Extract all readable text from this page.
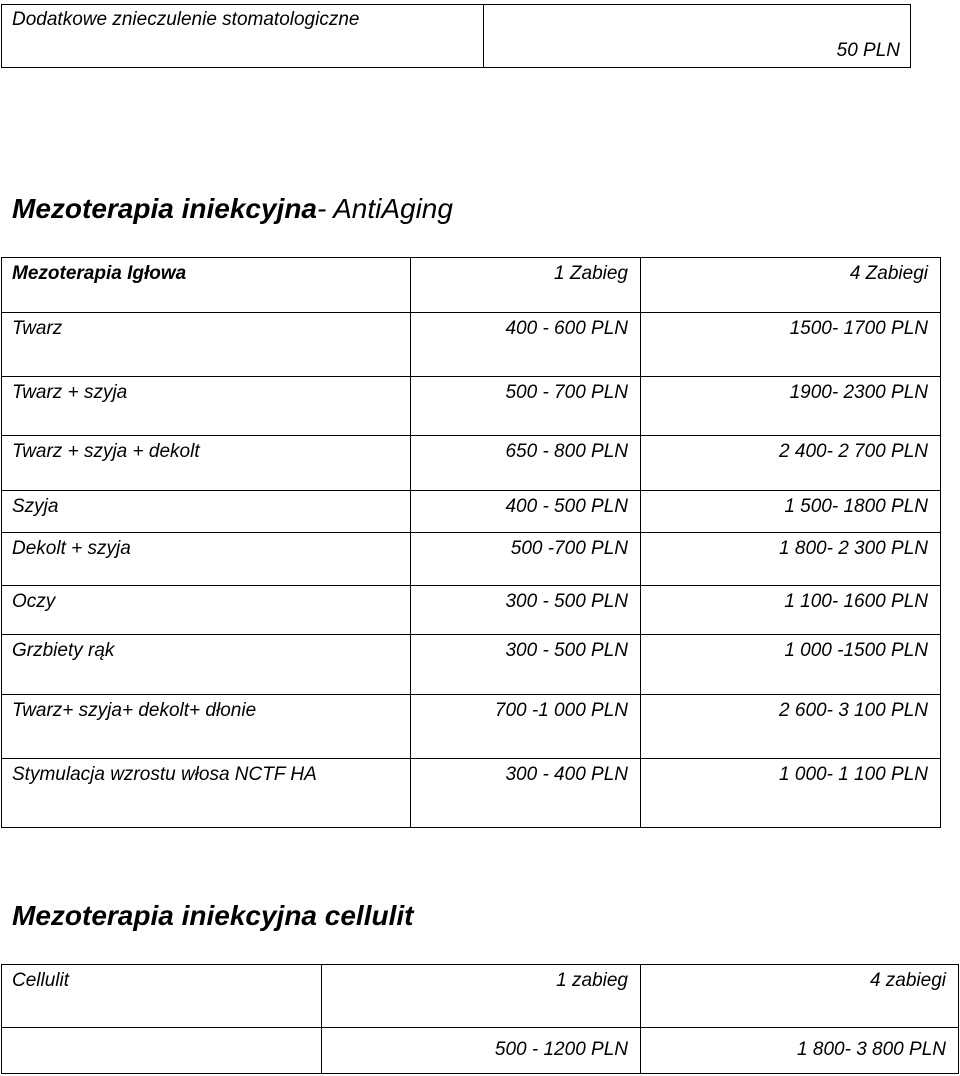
Dodatkowe znieczulenie stomatologiczne	50 PLN
Mezoterapia iniekcyjna- AntiAging
Mezoterapia Igłowa	1 Zabieg	4 Zabiegi
Twarz	400 - 600 PLN	1500- 1700 PLN
Twarz + szyja	500 - 700 PLN	1900- 2300 PLN
Twarz + szyja + dekolt	650 - 800 PLN	2 400- 2 700 PLN
Szyja	400 - 500 PLN	1 500- 1800 PLN
Dekolt + szyja	500 -700 PLN	1 800- 2 300 PLN
Oczy	300 - 500 PLN	1 100- 1600 PLN
Grzbiety rąk	300 - 500 PLN	1 000 -1500 PLN
Twarz+ szyja+ dekolt+ dłonie	700 -1 000 PLN	2 600- 3 100 PLN
Stymulacja wzrostu włosa NCTF HA	300 - 400 PLN	1 000- 1 100 PLN
Mezoterapia iniekcyjna cellulit
Cellulit	1 zabieg	4 zabiegi
	500 - 1200 PLN	1 800- 3 800 PLN
